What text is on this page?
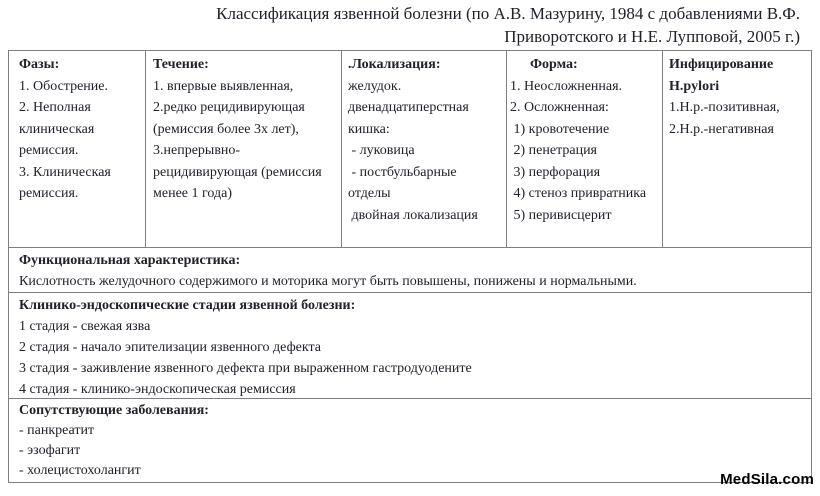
Классификация язвенной болезни (по А.В. Мазурину, 1984 с добавлениями В.Ф.
Приворотского и Н.Е. Лупповой, 2005 г.)
Фазы:
1. Обострение.
2. Неполная клиническая ремиссия.
3. Клиническая ремиссия.
Течение:
1. впервые выявленная,
2.редко рецидивирующая (ремиссия более 3х лет),
3.непрерывно-рецидивирующая (ремиссия менее 1 года)
.Локализация:
желудок.
двенадцатиперстная кишка:
- луковица
- постбульбарные отделы
двойная локализация
Форма:
1. Неосложненная.
2. Осложненная:
1) кровотечение
2) пенетрация
3) перфорация
4) стеноз привратника
5) перивисцерит
Инфицирование H.pylori
1.Н.р.-позитивная,
2.Н.р.-негативная
Функциональная характеристика:
Кислотность желудочного содержимого и моторика могут быть повышены, понижены и нормальными.
Клинико-эндоскопические стадии язвенной болезни:
1 стадия - свежая язва
2 стадия - начало эпителизации язвенного дефекта
3 стадия - заживление язвенного дефекта при выраженном гастродуодените
4 стадия - клинико-эндоскопическая ремиссия
Сопутствующие заболевания:
- панкреатит
- эзофагит
- холецистохолангит
MedSila.com
